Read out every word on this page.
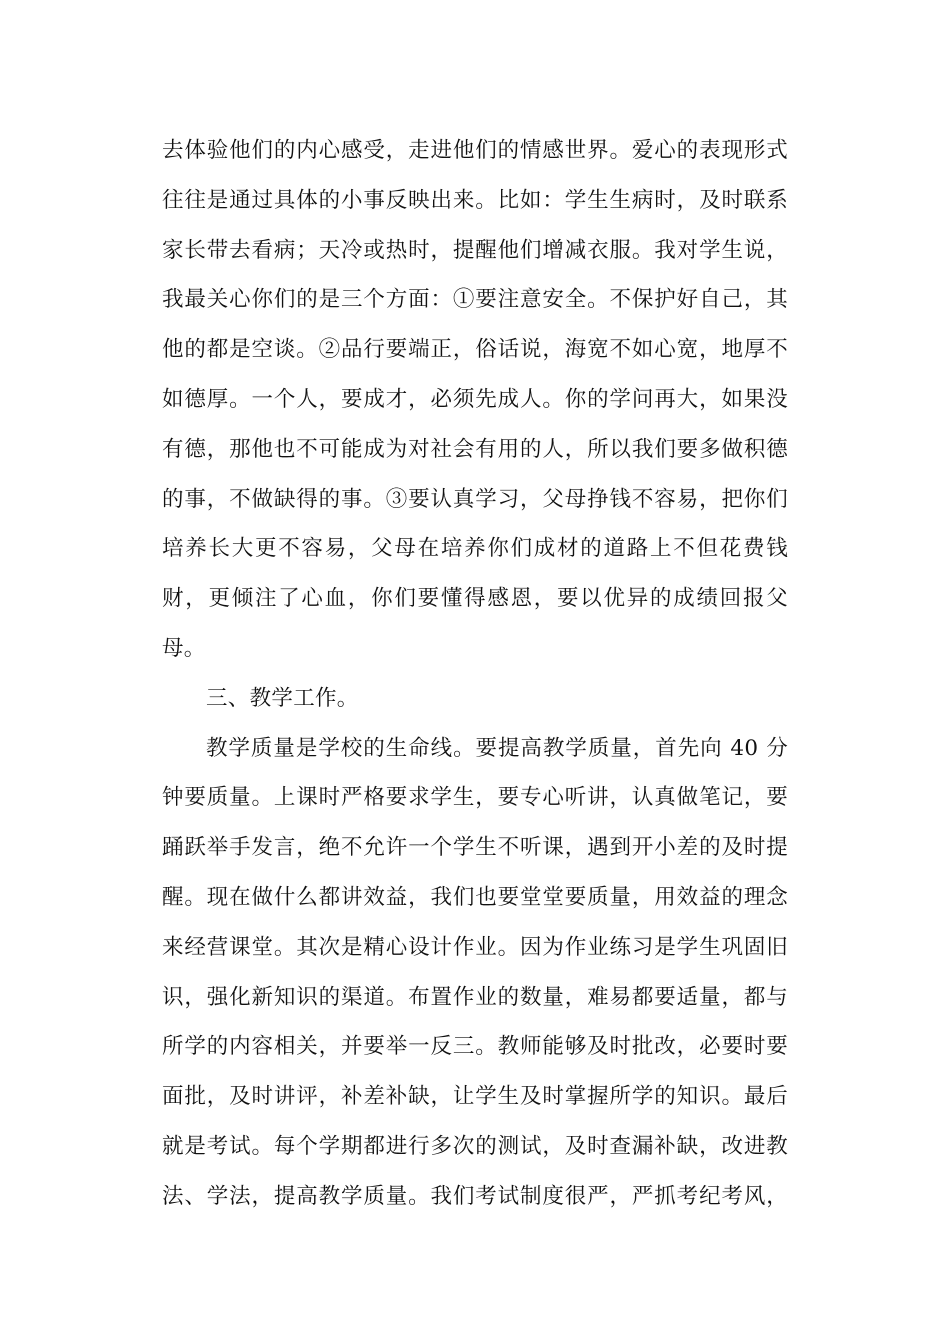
去体验他们的内心感受，走进他们的情感世界。爱心的表现形式
往往是通过具体的小事反映出来。比如：学生生病时，及时联系
家长带去看病；天冷或热时，提醒他们增减衣服。我对学生说，
我最关心你们的是三个方面：①要注意安全。不保护好自己，其
他的都是空谈。②品行要端正，俗话说，海宽不如心宽，地厚不
如德厚。一个人，要成才，必须先成人。你的学问再大，如果没
有德，那他也不可能成为对社会有用的人，所以我们要多做积德
的事，不做缺得的事。③要认真学习，父母挣钱不容易，把你们
培养长大更不容易，父母在培养你们成材的道路上不但花费钱
财，更倾注了心血，你们要懂得感恩，要以优异的成绩回报父
母。
三、教学工作。
教学质量是学校的生命线。要提高教学质量，首先向 40 分
钟要质量。上课时严格要求学生，要专心听讲，认真做笔记，要
踊跃举手发言，绝不允许一个学生不听课，遇到开小差的及时提
醒。现在做什么都讲效益，我们也要堂堂要质量，用效益的理念
来经营课堂。其次是精心设计作业。因为作业练习是学生巩固旧
识，强化新知识的渠道。布置作业的数量，难易都要适量，都与
所学的内容相关，并要举一反三。教师能够及时批改，必要时要
面批，及时讲评，补差补缺，让学生及时掌握所学的知识。最后
就是考试。每个学期都进行多次的测试，及时查漏补缺，改进教
法、学法，提高教学质量。我们考试制度很严，严抓考纪考风，
